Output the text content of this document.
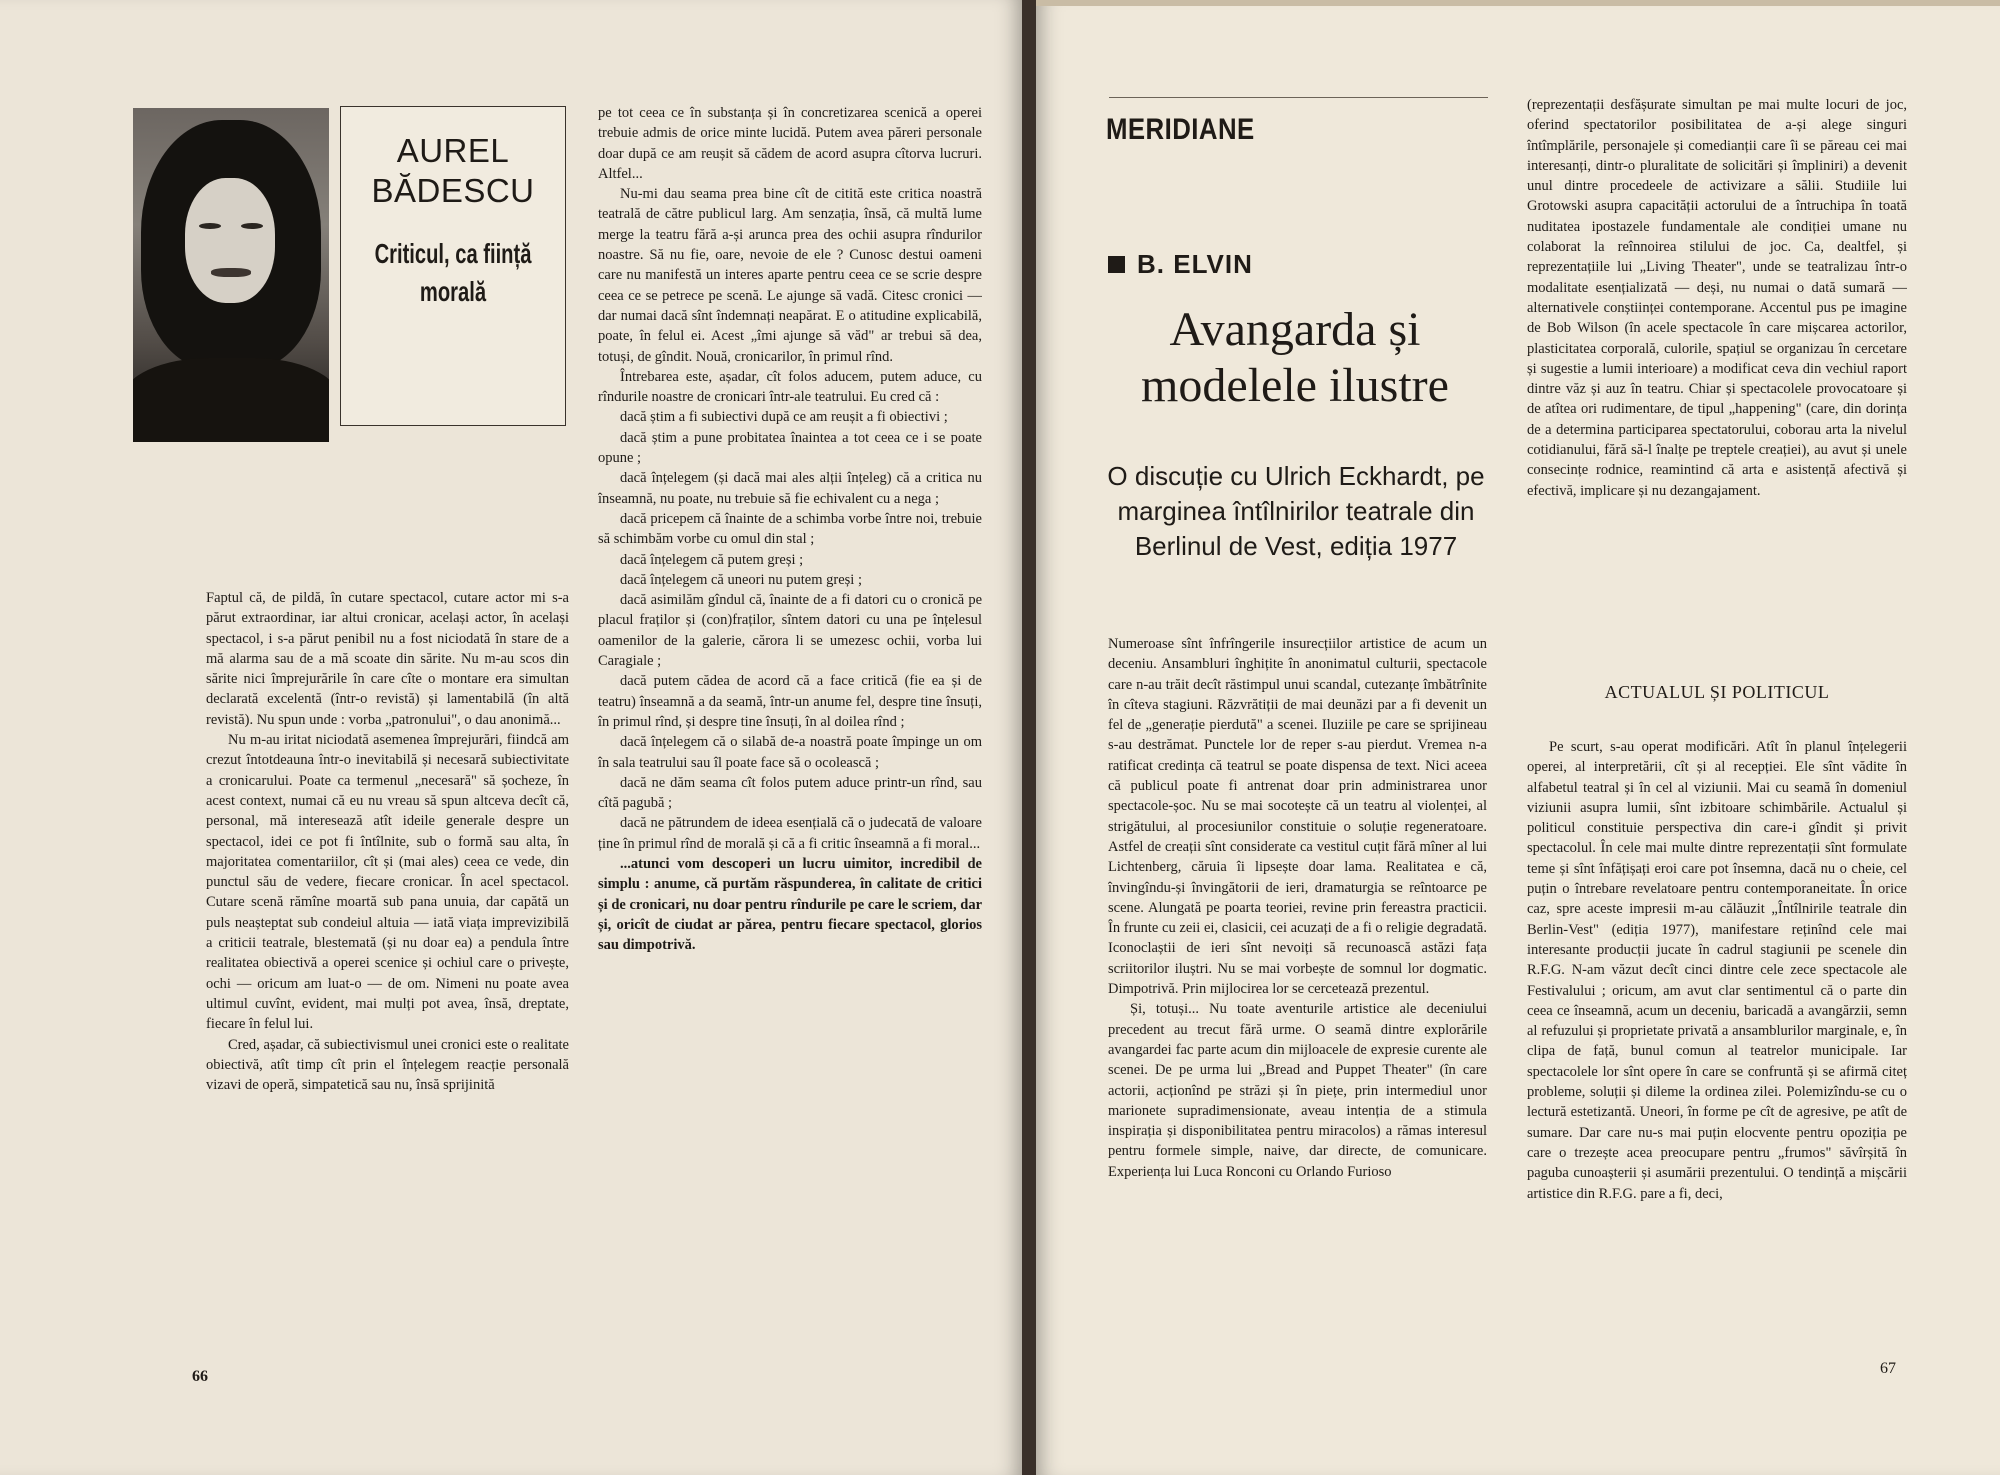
AUREL BĂDESCU
Criticul, ca ființă morală

Faptul că, de pildă, în cutare spectacol, cutare actor mi s-a părut extraordinar, iar altui cronicar, același actor, în același spectacol, i s-a părut penibil nu a fost niciodată în stare de a mă alarma sau de a mă scoate din sărite. Nu m-au scos din sărite nici împrejurările în care cîte o montare era simultan declarată excelentă (într-o revistă) și lamentabilă (în altă revistă). Nu spun unde : vorba „patronului", o dau anonimă...

Nu m-au iritat niciodată asemenea împrejurări, fiindcă am crezut întotdeauna într-o inevitabilă și necesară subiectivitate a cronicarului. Poate ca termenul „necesară" să șocheze, în acest context, numai că eu nu vreau să spun altceva decît că, personal, mă interesează atît ideile generale despre un spectacol, idei ce pot fi întîlnite, sub o formă sau alta, în majoritatea comentariilor, cît și (mai ales) ceea ce vede, din punctul său de vedere, fiecare cronicar. În acel spectacol. Cutare scenă rămîne moartă sub pana unuia, dar capătă un puls neașteptat sub condeiul altuia — iată viața imprevizibilă a criticii teatrale, blestemată (și nu doar ea) a pendula între realitatea obiectivă a operei scenice și ochiul care o privește, ochi — oricum am luat-o — de om. Nimeni nu poate avea ultimul cuvînt, evident, mai mulți pot avea, însă, dreptate, fiecare în felul lui.

Cred, așadar, că subiectivismul unei cronici este o realitate obiectivă, atît timp cît prin el înțelegem reacție personală vizavi de operă, simpatetică sau nu, însă sprijinită

pe tot ceea ce în substanța și în concretizarea scenică a operei trebuie admis de orice minte lucidă. Putem avea păreri personale doar după ce am reușit să cădem de acord asupra cîtorva lucruri. Altfel...

Nu-mi dau seama prea bine cît de citită este critica noastră teatrală de către publicul larg. Am senzația, însă, că multă lume merge la teatru fără a-și arunca prea des ochii asupra rîndurilor noastre. Să nu fie, oare, nevoie de ele ? Cunosc destui oameni care nu manifestă un interes aparte pentru ceea ce se scrie despre ceea ce se petrece pe scenă. Le ajunge să vadă. Citesc cronici — dar numai dacă sînt îndemnați neapărat. E o atitudine explicabilă, poate, în felul ei. Acest „îmi ajunge să văd" ar trebui să dea, totuși, de gîndit. Nouă, cronicarilor, în primul rînd.

Întrebarea este, așadar, cît folos aducem, putem aduce, cu rîndurile noastre de cronicari într-ale teatrului. Eu cred că :

dacă știm a fi subiectivi după ce am reușit a fi obiectivi ;

dacă știm a pune probitatea înaintea a tot ceea ce i se poate opune ;

dacă înțelegem (și dacă mai ales alții înțeleg) că a critica nu înseamnă, nu poate, nu trebuie să fie echivalent cu a nega ;

dacă pricepem că înainte de a schimba vorbe între noi, trebuie să schimbăm vorbe cu omul din stal ;

dacă înțelegem că putem greși ;

dacă înțelegem că uneori nu putem greși ;

dacă asimilăm gîndul că, înainte de a fi datori cu o cronică pe placul fraților și (con)fraților, sîntem datori cu una pe înțelesul oamenilor de la galerie, cărora li se umezesc ochii, vorba lui Caragiale ;

dacă putem cădea de acord că a face critică (fie ea și de teatru) înseamnă a da seamă, într-un anume fel, despre tine însuți, în primul rînd, și despre tine însuți, în al doilea rînd ;

dacă înțelegem că o silabă de-a noastră poate împinge un om în sala teatrului sau îl poate face să o ocolească ;

dacă ne dăm seama cît folos putem aduce printr-un rînd, sau cîtă pagubă ;

dacă ne pătrundem de ideea esențială că o judecată de valoare ține în primul rînd de morală și că a fi critic înseamnă a fi moral...

...atunci vom descoperi un lucru uimitor, incredibil de simplu : anume, că purtăm răspunderea, în calitate de critici și de cronicari, nu doar pentru rîndurile pe care le scriem, dar și, oricît de ciudat ar părea, pentru fiecare spectacol, glorios sau dimpotrivă.

66
MERIDIANE
B. ELVIN
Avangarda și modelele ilustre
O discuție cu Ulrich Eckhardt, pe marginea întîlnirilor teatrale din Berlinul de Vest, ediția 1977

Numeroase sînt înfrîngerile insurecțiilor artistice de acum un deceniu. Ansambluri înghițite în anonimatul culturii, spectacole care n-au trăit decît răstimpul unui scandal, cutezanțe îmbătrînite în cîteva stagiuni. Răzvrătiții de mai deunăzi par a fi devenit un fel de „generație pierdută" a scenei. Iluziile pe care se sprijineau s-au destrămat. Punctele lor de reper s-au pierdut. Vremea n-a ratificat credința că teatrul se poate dispensa de text. Nici aceea că publicul poate fi antrenat doar prin administrarea unor spectacole-șoc. Nu se mai socotește că un teatru al violenței, al strigătului, al procesiunilor constituie o soluție regeneratoare. Astfel de creații sînt considerate ca vestitul cuțit fără mîner al lui Lichtenberg, căruia îi lipsește doar lama. Realitatea e că, învingîndu-și învingătorii de ieri, dramaturgia se reîntoarce pe scene. Alungată pe poarta teoriei, revine prin fereastra practicii. În frunte cu zeii ei, clasicii, cei acuzați de a fi o religie degradată. Iconoclaștii de ieri sînt nevoiți să recunoască astăzi fața scriitorilor iluștri. Nu se mai vorbește de somnul lor dogmatic. Dimpotrivă. Prin mijlocirea lor se cercetează prezentul.

Și, totuși... Nu toate aventurile artistice ale deceniului precedent au trecut fără urme. O seamă dintre explorările avangardei fac parte acum din mijloacele de expresie curente ale scenei. De pe urma lui „Bread and Puppet Theater" (în care actorii, acționînd pe străzi și în piețe, prin intermediul unor marionete supradimensionate, aveau intenția de a stimula inspirația și disponibilitatea pentru miracolos) a rămas interesul pentru formele simple, naive, dar directe, de comunicare. Experiența lui Luca Ronconi cu Orlando Furioso

(reprezentații desfășurate simultan pe mai multe locuri de joc, oferind spectatorilor posibilitatea de a-și alege singuri întîmplările, personajele și comedianții care îi se păreau cei mai interesanți, dintr-o pluralitate de solicitări și împliniri) a devenit unul dintre procedeele de activizare a sălii. Studiile lui Grotowski asupra capacității actorului de a întruchipa în toată nuditatea ipostazele fundamentale ale condiției umane nu colaborat la reînnoirea stilului de joc. Ca, dealtfel, și reprezentațiile lui „Living Theater", unde se teatralizau într-o modalitate esențializată — deși, nu numai o dată sumară — alternativele conștiinței contemporane. Accentul pus pe imagine de Bob Wilson (în acele spectacole în care mișcarea actorilor, plasticitatea corporală, culorile, spațiul se organizau în cercetare și sugestie a lumii interioare) a modificat ceva din vechiul raport dintre văz și auz în teatru. Chiar și spectacolele provocatoare și de atîtea ori rudimentare, de tipul „happening" (care, din dorința de a determina participarea spectatorului, coborau arta la nivelul cotidianului, fără să-l înalțe pe treptele creației), au avut și unele consecințe rodnice, reamintind că arta e asistență afectivă și efectivă, implicare și nu dezangajament.

ACTUALUL ȘI POLITICUL

Pe scurt, s-au operat modificări. Atît în planul înțelegerii operei, al interpretării, cît și al recepției. Ele sînt vădite în alfabetul teatral și în cel al viziunii. Mai cu seamă în domeniul viziunii asupra lumii, sînt izbitoare schimbările. Actualul și politicul constituie perspectiva din care-i gîndit și privit spectacolul. În cele mai multe dintre reprezentații sînt formulate teme și sînt înfățișați eroi care pot însemna, dacă nu o cheie, cel puțin o întrebare revelatoare pentru contemporaneitate. În orice caz, spre aceste impresii m-au călăuzit „Întîlnirile teatrale din Berlin-Vest" (ediția 1977), manifestare reținînd cele mai interesante producții jucate în cadrul stagiunii pe scenele din R.F.G. N-am văzut decît cinci dintre cele zece spectacole ale Festivalului ; oricum, am avut clar sentimentul că o parte din ceea ce înseamnă, acum un deceniu, baricadă a avangărzii, semn al refuzului și proprietate privată a ansamblurilor marginale, e, în clipa de față, bunul comun al teatrelor municipale. Iar spectacolele lor sînt opere în care se confruntă și se afirmă citeț probleme, soluții și dileme la ordinea zilei. Polemizîndu-se cu o lectură estetizantă. Uneori, în forme pe cît de agresive, pe atît de sumare. Dar care nu-s mai puțin elocvente pentru opoziția pe care o trezește acea preocupare pentru „frumos" săvîrșită în paguba cunoașterii și asumării prezentului. O tendință a mișcării artistice din R.F.G. pare a fi, deci,

67
